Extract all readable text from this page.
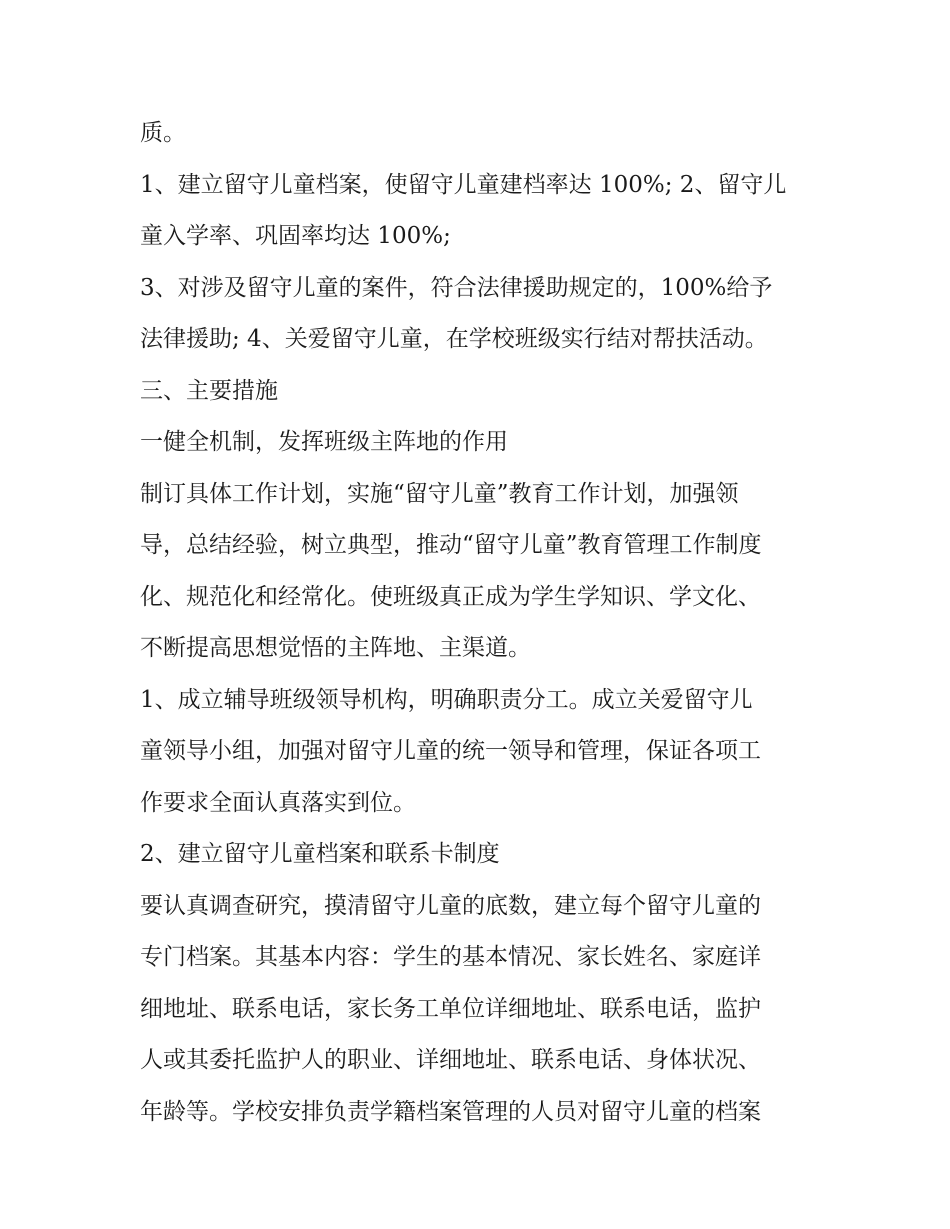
质。
1、建立留守儿童档案，使留守儿童建档率达 100%; 2、留守儿
童入学率、巩固率均达 100%;
3、对涉及留守儿童的案件，符合法律援助规定的，100%给予
法律援助; 4、关爱留守儿童，在学校班级实行结对帮扶活动。
三、主要措施
一健全机制，发挥班级主阵地的作用
制订具体工作计划，实施“留守儿童”教育工作计划，加强领
导，总结经验，树立典型，推动“留守儿童”教育管理工作制度
化、规范化和经常化。使班级真正成为学生学知识、学文化、
不断提高思想觉悟的主阵地、主渠道。
1、成立辅导班级领导机构，明确职责分工。成立关爱留守儿
童领导小组，加强对留守儿童的统一领导和管理，保证各项工
作要求全面认真落实到位。
2、建立留守儿童档案和联系卡制度
要认真调查研究，摸清留守儿童的底数，建立每个留守儿童的
专门档案。其基本内容：学生的基本情况、家长姓名、家庭详
细地址、联系电话，家长务工单位详细地址、联系电话，监护
人或其委托监护人的职业、详细地址、联系电话、身体状况、
年龄等。学校安排负责学籍档案管理的人员对留守儿童的档案
